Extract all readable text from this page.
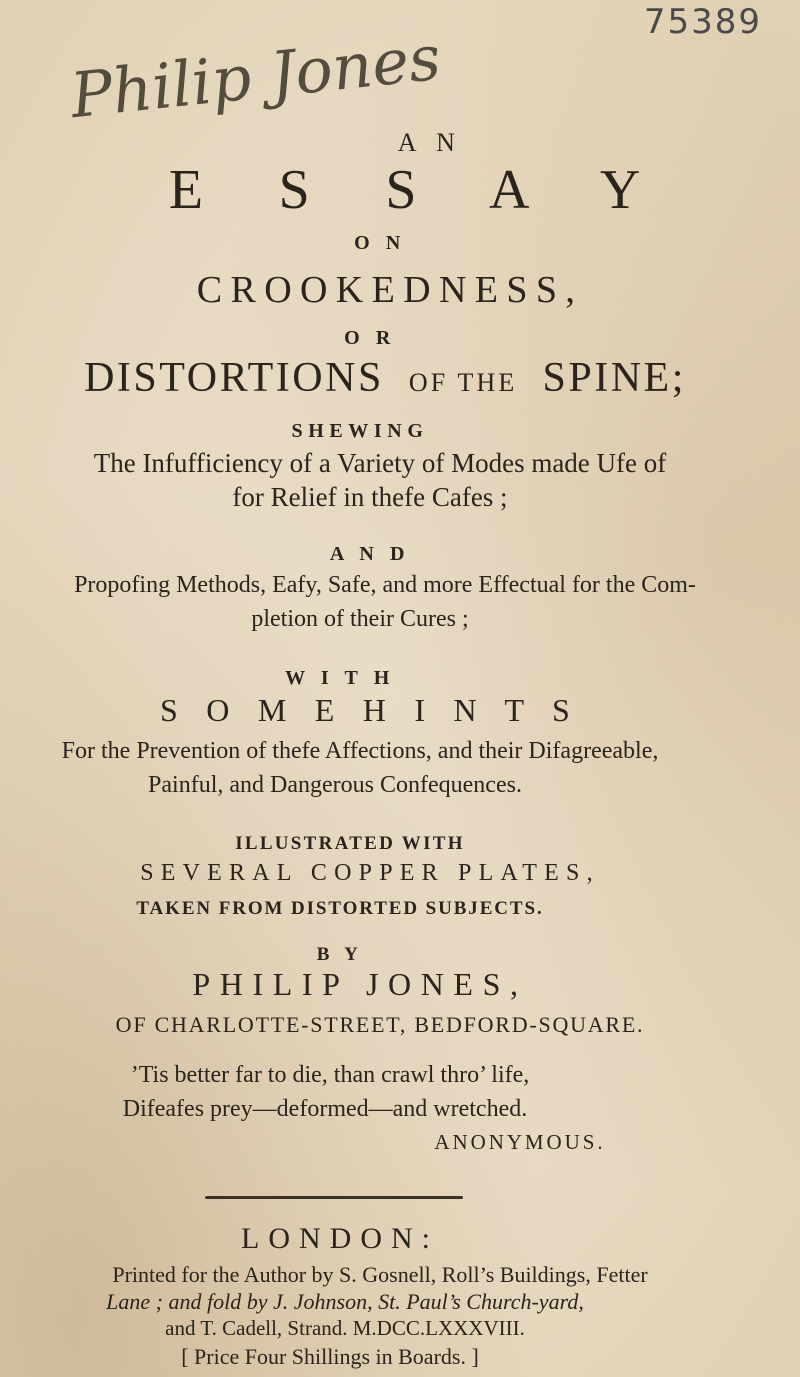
75389
Philip Jones
A N
E S S A Y
O N
CROOKEDNESS,
O R
DISTORTIONS OF THE SPINE;
SHEWING
The Infufficiency of a Variety of Modes made Ufe of
for Relief in thefe Cafes ;
A N D
Propofing Methods, Eafy, Safe, and more Effectual for the Com-
pletion of their Cures ;
W I T H
S O M E H I N T S
For the Prevention of thefe Affections, and their Difagreeable,
Painful, and Dangerous Confequences.
ILLUSTRATED WITH
SEVERAL COPPER PLATES,
TAKEN FROM DISTORTED SUBJECTS.
B Y
PHILIP JONES,
OF CHARLOTTE-STREET, BEDFORD-SQUARE.
’Tis better far to die, than crawl thro’ life,
Difeafes prey—deformed—and wretched.
ANONYMOUS.
LONDON:
Printed for the Author by S. Gosnell, Roll’s Buildings, Fetter
Lane ; and fold by J. Johnson, St. Paul’s Church-yard,
and T. Cadell, Strand. M.DCC.LXXXVIII.
[ Price Four Shillings in Boards. ]
